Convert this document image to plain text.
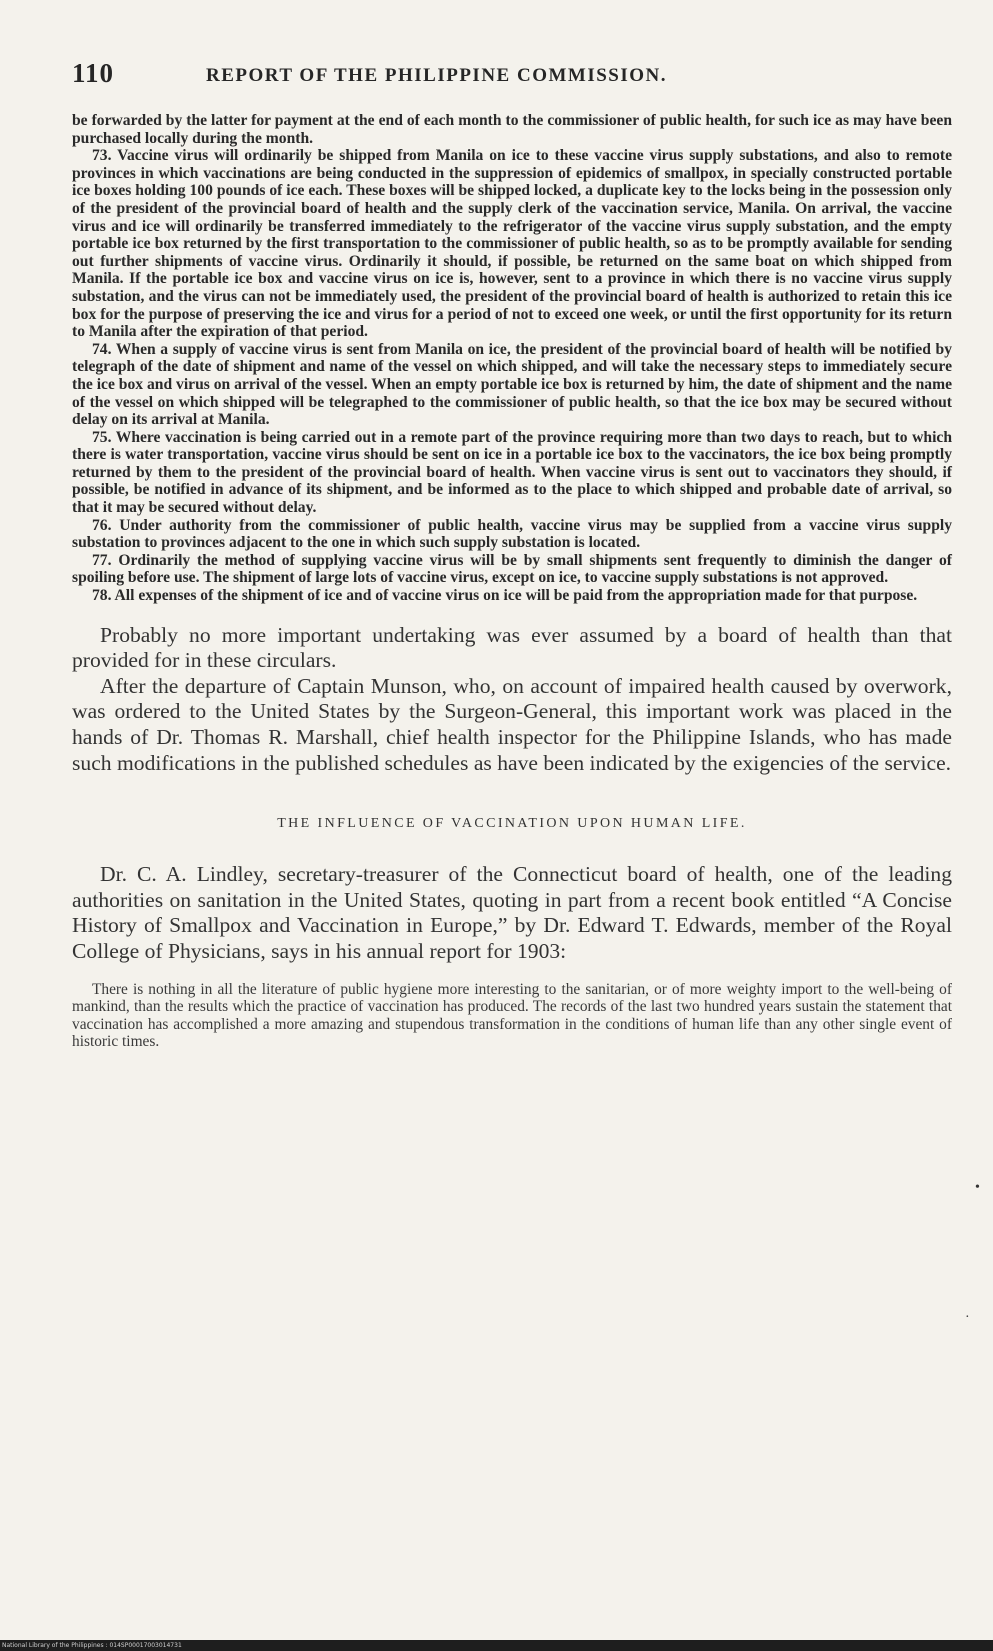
110	REPORT OF THE PHILIPPINE COMMISSION.

be forwarded by the latter for payment at the end of each month to the commissioner of public health, for such ice as may have been purchased locally during the month.

73. Vaccine virus will ordinarily be shipped from Manila on ice to these vaccine virus supply substations, and also to remote provinces in which vaccinations are being conducted in the suppression of epidemics of smallpox, in specially constructed portable ice boxes holding 100 pounds of ice each. These boxes will be shipped locked, a duplicate key to the locks being in the possession only of the president of the provincial board of health and the supply clerk of the vaccination service, Manila. On arrival, the vaccine virus and ice will ordinarily be transferred immediately to the refrigerator of the vaccine virus supply substation, and the empty portable ice box returned by the first transportation to the commissioner of public health, so as to be promptly available for sending out further shipments of vaccine virus. Ordinarily it should, if possible, be returned on the same boat on which shipped from Manila. If the portable ice box and vaccine virus on ice is, however, sent to a province in which there is no vaccine virus supply substation, and the virus can not be immediately used, the president of the provincial board of health is authorized to retain this ice box for the purpose of preserving the ice and virus for a period of not to exceed one week, or until the first opportunity for its return to Manila after the expiration of that period.

74. When a supply of vaccine virus is sent from Manila on ice, the president of the provincial board of health will be notified by telegraph of the date of shipment and name of the vessel on which shipped, and will take the necessary steps to immediately secure the ice box and virus on arrival of the vessel. When an empty portable ice box is returned by him, the date of shipment and the name of the vessel on which shipped will be telegraphed to the commissioner of public health, so that the ice box may be secured without delay on its arrival at Manila.

75. Where vaccination is being carried out in a remote part of the province requiring more than two days to reach, but to which there is water transportation, vaccine virus should be sent on ice in a portable ice box to the vaccinators, the ice box being promptly returned by them to the president of the provincial board of health. When vaccine virus is sent out to vaccinators they should, if possible, be notified in advance of its shipment, and be informed as to the place to which shipped and probable date of arrival, so that it may be secured without delay.

76. Under authority from the commissioner of public health, vaccine virus may be supplied from a vaccine virus supply substation to provinces adjacent to the one in which such supply substation is located.

77. Ordinarily the method of supplying vaccine virus will be by small shipments sent frequently to diminish the danger of spoiling before use. The shipment of large lots of vaccine virus, except on ice, to vaccine supply substations is not approved.

78. All expenses of the shipment of ice and of vaccine virus on ice will be paid from the appropriation made for that purpose.

Probably no more important undertaking was ever assumed by a board of health than that provided for in these circulars.

After the departure of Captain Munson, who, on account of impaired health caused by overwork, was ordered to the United States by the Surgeon-General, this important work was placed in the hands of Dr. Thomas R. Marshall, chief health inspector for the Philippine Islands, who has made such modifications in the published schedules as have been indicated by the exigencies of the service.

THE INFLUENCE OF VACCINATION UPON HUMAN LIFE.

Dr. C. A. Lindley, secretary-treasurer of the Connecticut board of health, one of the leading authorities on sanitation in the United States, quoting in part from a recent book entitled “A Concise History of Smallpox and Vaccination in Europe,” by Dr. Edward T. Edwards, member of the Royal College of Physicians, says in his annual report for 1903:

There is nothing in all the literature of public hygiene more interesting to the sanitarian, or of more weighty import to the well-being of mankind, than the results which the practice of vaccination has produced. The records of the last two hundred years sustain the statement that vaccination has accomplished a more amazing and stupendous transformation in the conditions of human life than any other single event of historic times.

•
·
National Library of the Philippines : 014SP00017003014731
